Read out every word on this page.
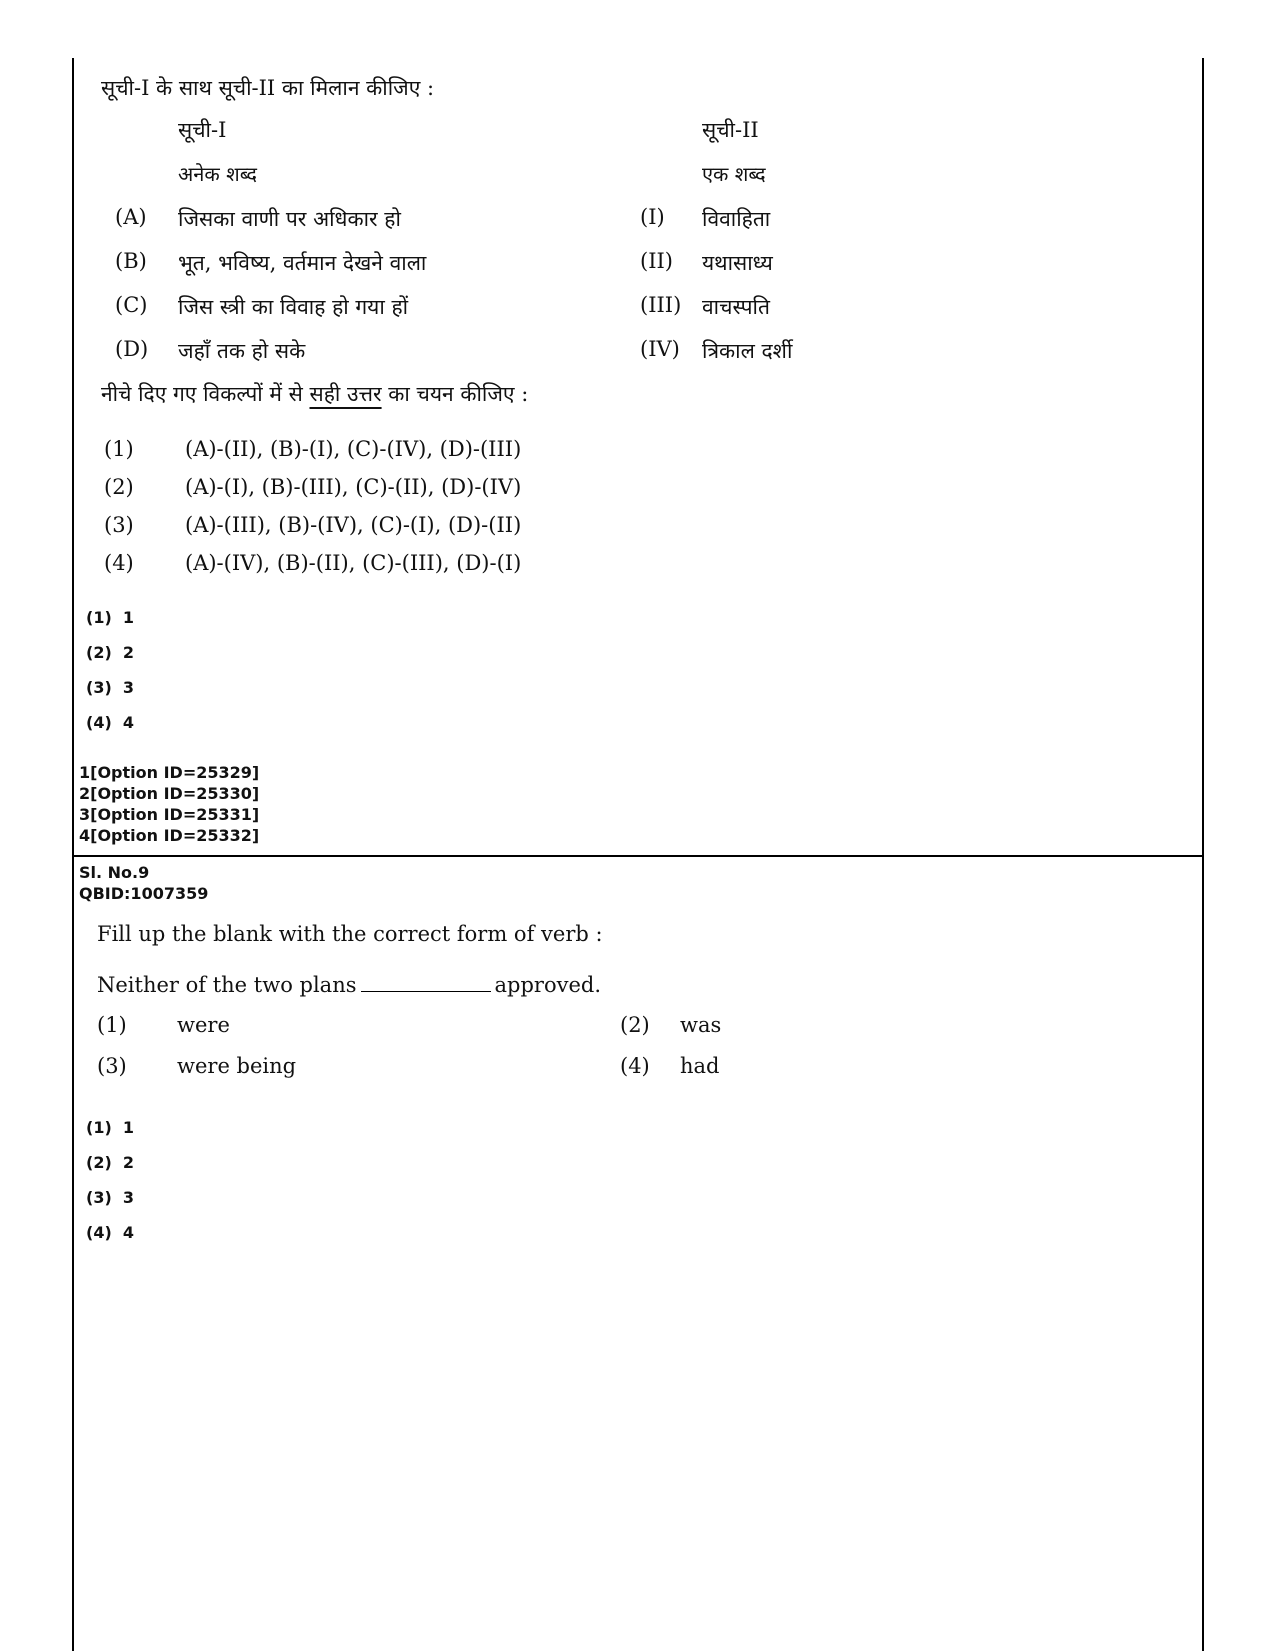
सूची-I के साथ सूची-II का मिलान कीजिए :
सूची-I	सूची-II
अनेक शब्द	एक शब्द
(A) जिसका वाणी पर अधिकार हो	(I) विवाहिता
(B) भूत, भविष्य, वर्तमान देखने वाला	(II) यथासाध्य
(C) जिस स्त्री का विवाह हो गया हों	(III) वाचस्पति
(D) जहाँ तक हो सके	(IV) त्रिकाल दर्शी
नीचे दिए गए विकल्पों में से सही उत्तर का चयन कीजिए :
(1) (A)-(II), (B)-(I), (C)-(IV), (D)-(III)
(2) (A)-(I), (B)-(III), (C)-(II), (D)-(IV)
(3) (A)-(III), (B)-(IV), (C)-(I), (D)-(II)
(4) (A)-(IV), (B)-(II), (C)-(III), (D)-(I)
(1) 1
(2) 2
(3) 3
(4) 4
1[Option ID=25329]
2[Option ID=25330]
3[Option ID=25331]
4[Option ID=25332]
Sl. No.9
QBID:1007359
Fill up the blank with the correct form of verb :
Neither of the two plans	approved.
(1) were	(2) was
(3) were being	(4) had
(1) 1
(2) 2
(3) 3
(4) 4
